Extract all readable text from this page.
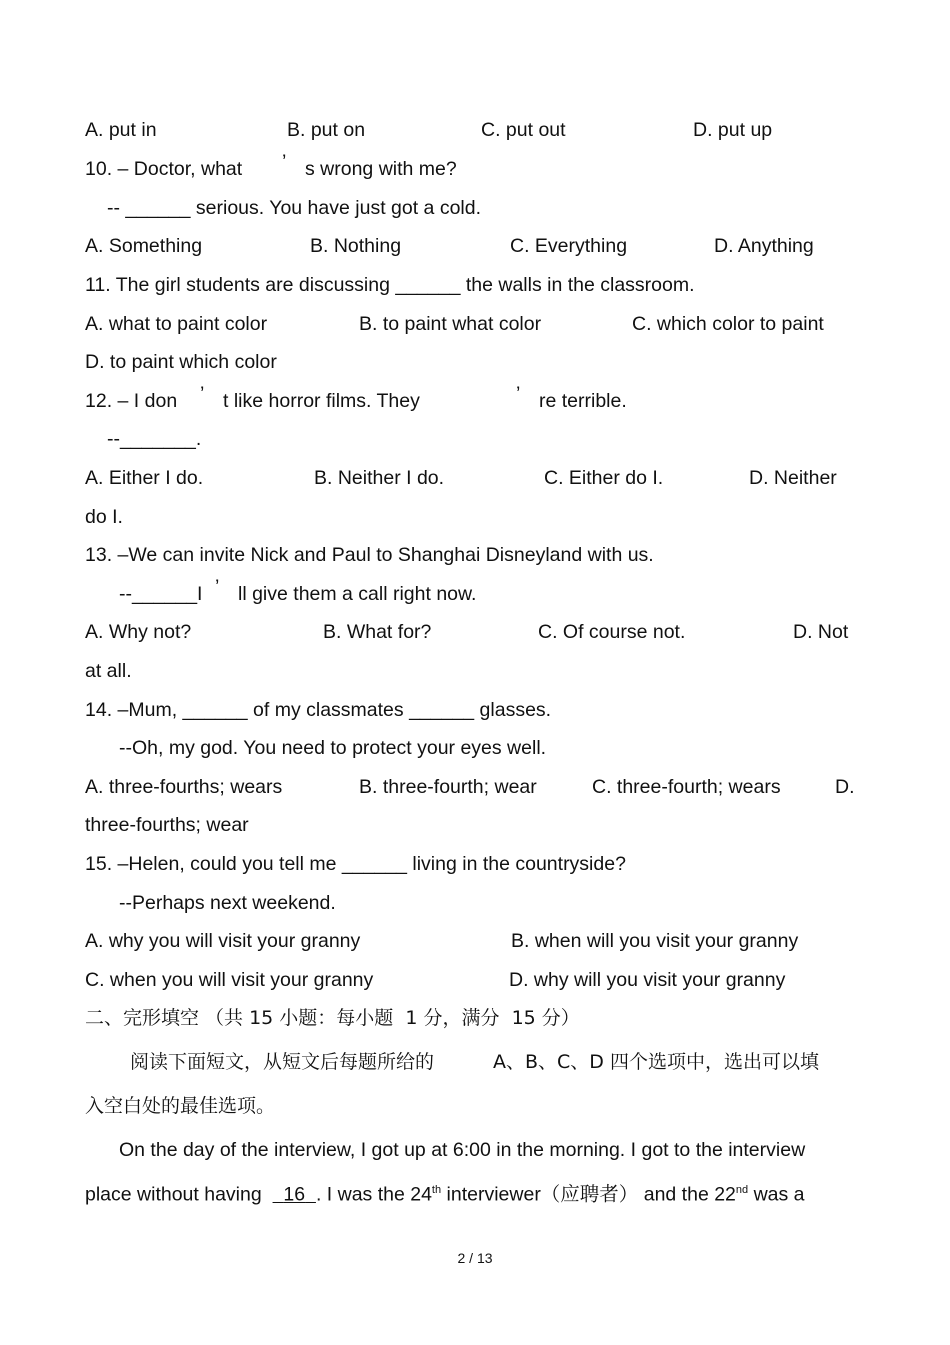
A. put in	B. put on	C. put out	D. put up
10. – Doctor, what ’ s wrong with me?
-- ______ serious. You have just got a cold.
A. Something	B. Nothing	C. Everything	D. Anything
11. The girl students are discussing ______ the walls in the classroom.
A. what to paint color	B. to paint what color	C. which color to paint
D. to paint which color
12. – I don ’ t like horror films. They	’ re terrible.
--_______.
A. Either I do.	B. Neither I do.	C. Either do I.	D. Neither
do I.
13. –We can invite Nick and Paul to Shanghai Disneyland with us.
--______I ’ ll give them a call right now.
A. Why not?	B. What for?	C. Of course not.	D. Not
at all.
14. –Mum, ______ of my classmates ______ glasses.
--Oh, my god. You need to protect your eyes well.
A. three-fourths; wears	B. three-fourth; wear	C. three-fourth; wears	D.
three-fourths; wear
15. –Helen, could you tell me ______ living in the countryside?
--Perhaps next weekend.
A. why you will visit your granny	B. when will you visit your granny
C. when you will visit your granny	D. why will you visit your granny
二、完形填空 （共 15 小题：每小题  1 分，满分  15 分）
阅读下面短文，从短文后每题所给的	A、B、C、D 四个选项中，选出可以填
入空白处的最佳选项。
On the day of the interview, I got up at 6:00 in the morning. I got to the interview
place without having 16 . I was the 24th interviewer（应聘者） and the 22nd was a
2 / 13
